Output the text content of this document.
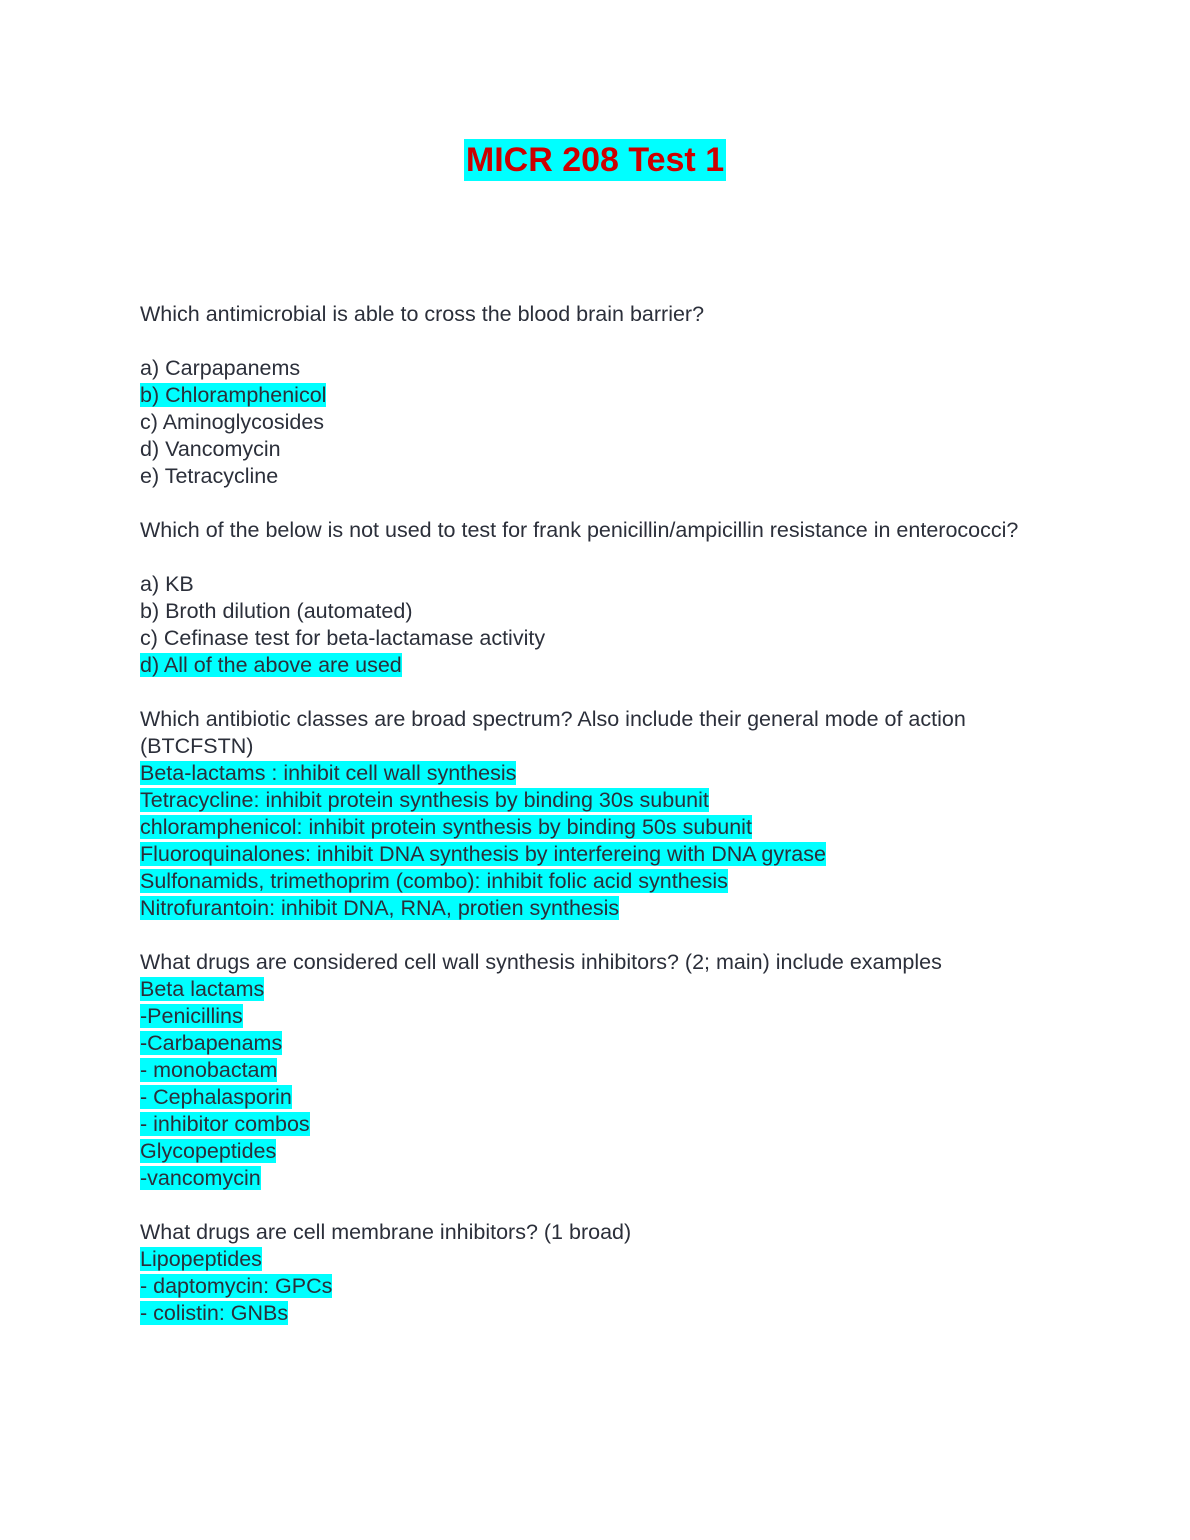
MICR 208 Test 1
Which antimicrobial is able to cross the blood brain barrier?
a) Carpapanems
b) Chloramphenicol
c) Aminoglycosides
d) Vancomycin
e) Tetracycline
Which of the below is not used to test for frank penicillin/ampicillin resistance in enterococci?
a) KB
b) Broth dilution (automated)
c) Cefinase test for beta-lactamase activity
d) All of the above are used
Which antibiotic classes are broad spectrum? Also include their general mode of action (BTCFSTN)
Beta-lactams : inhibit cell wall synthesis
Tetracycline: inhibit protein synthesis by binding 30s subunit
chloramphenicol: inhibit protein synthesis by binding 50s subunit
Fluoroquinalones: inhibit DNA synthesis by interfereing with DNA gyrase
Sulfonamids, trimethoprim (combo): inhibit folic acid synthesis
Nitrofurantoin: inhibit DNA, RNA, protien synthesis
What drugs are considered cell wall synthesis inhibitors? (2; main) include examples
Beta lactams
-Penicillins
-Carbapenams
- monobactam
- Cephalasporin
- inhibitor combos
Glycopeptides
-vancomycin
What drugs are cell membrane inhibitors? (1 broad)
Lipopeptides
- daptomycin: GPCs
- colistin: GNBs
